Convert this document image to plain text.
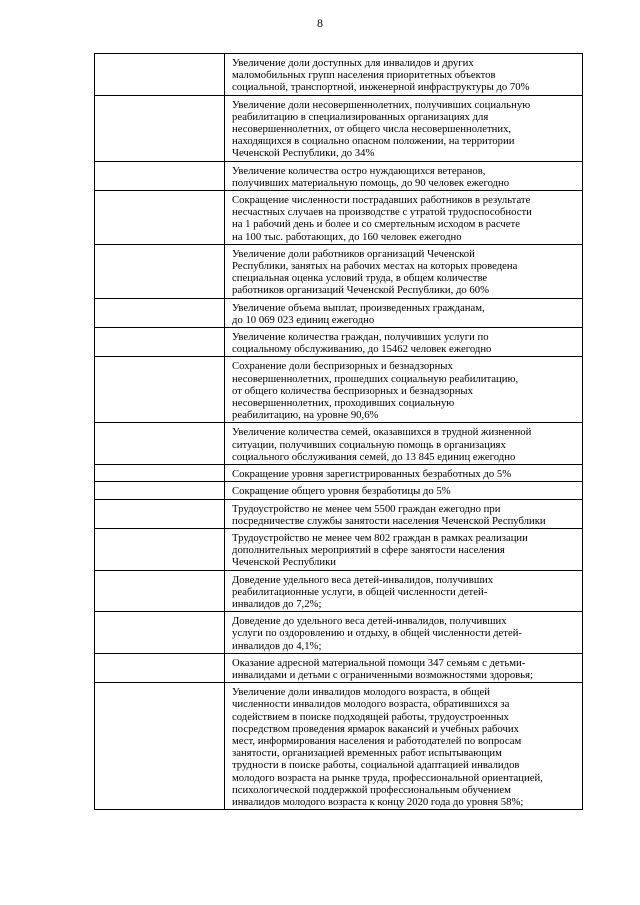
8
Увеличение доли доступных для инвалидов и других
маломобильных групп населения приоритетных объектов
социальной, транспортной, инженерной инфраструктуры до 70%
Увеличение доли несовершеннолетних, получивших социальную
реабилитацию в специализированных организациях для
несовершеннолетних, от общего числа несовершеннолетних,
находящихся в социально опасном положении, на территории
Чеченской Республики, до 34%
Увеличение количества остро нуждающихся ветеранов,
получивших материальную помощь, до 90 человек ежегодно
Сокращение численности пострадавших работников в результате
несчастных случаев на производстве с утратой трудоспособности
на 1 рабочий день и более и со смертельным исходом в расчете
на 100 тыс. работающих, до 160 человек ежегодно
Увеличение доли работников организаций Чеченской
Республики, занятых на рабочих местах на которых проведена
специальная оценка условий труда, в общем количестве
работников организаций Чеченской Республики, до 60%
Увеличение объема выплат, произведенных гражданам,
до 10 069 023 единиц ежегодно
Увеличение количества граждан, получивших услуги по
социальному обслуживанию, до 15462 человек ежегодно
Сохранение доли беспризорных и безнадзорных
несовершеннолетних, прошедших социальную реабилитацию,
от общего количества беспризорных и безнадзорных
несовершеннолетних, проходивших социальную
реабилитацию, на уровне 90,6%
Увеличение количества семей, оказавшихся в трудной жизненной
ситуации, получивших социальную помощь в организациях
социального обслуживания семей, до 13 845 единиц ежегодно
Сокращение уровня зарегистрированных безработных до 5%
Сокращение общего уровня безработицы до 5%
Трудоустройство не менее чем 5500 граждан ежегодно при
посредничестве службы занятости населения Чеченской Республики
Трудоустройство не менее чем 802 граждан в рамках реализации
дополнительных мероприятий в сфере занятости населения
Чеченской Республики
Доведение удельного веса детей-инвалидов, получивших
реабилитационные услуги, в общей численности детей-
инвалидов до 7,2%;
Доведение до удельного веса детей-инвалидов, получивших
услуги по оздоровлению и отдыху, в общей численности детей-
инвалидов до 4,1%;
Оказание адресной материальной помощи 347 семьям с детьми-
инвалидами и детьми с ограниченными возможностями здоровья;
Увеличение доли инвалидов молодого возраста, в общей
численности инвалидов молодого возраста, обратившихся за
содействием в поиске подходящей работы, трудоустроенных
посредством проведения ярмарок вакансий и учебных рабочих
мест, информирования населения и работодателей по вопросам
занятости, организацией временных работ испытывающим
трудности в поиске работы, социальной адаптацией инвалидов
молодого возраста на рынке труда, профессиональной ориентацией,
психологической поддержкой профессиональным обучением
инвалидов молодого возраста к концу 2020 года до уровня 58%;
